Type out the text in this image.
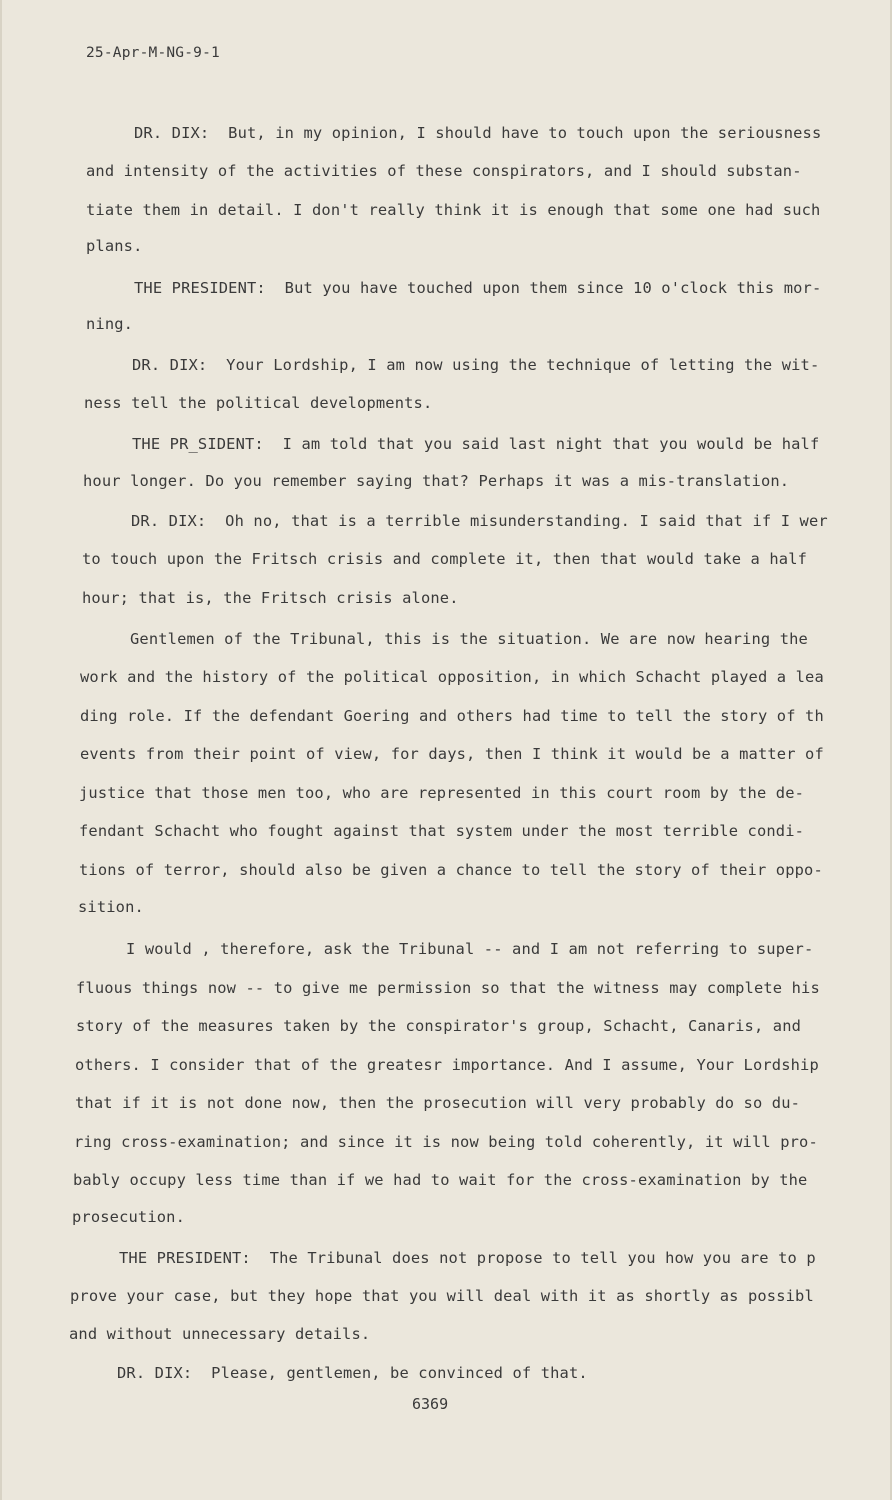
25-Apr-M-NG-9-1
DR. DIX:  But, in my opinion, I should have to touch upon the seriousness
and intensity of the activities of these conspirators, and I should substan-
tiate them in detail. I don't really think it is enough that some one had such
plans.
THE PRESIDENT:  But you have touched upon them since 10 o'clock this mor-
ning.
DR. DIX:  Your Lordship, I am now using the technique of letting the wit-
ness tell the political developments.
THE PR_SIDENT:  I am told that you said last night that you would be half
hour longer. Do you remember saying that? Perhaps it was a mis-translation.
DR. DIX:  Oh no, that is a terrible misunderstanding. I said that if I wer
to touch upon the Fritsch crisis and complete it, then that would take a half
hour; that is, the Fritsch crisis alone.
Gentlemen of the Tribunal, this is the situation. We are now hearing the
work and the history of the political opposition, in which Schacht played a lea
ding role. If the defendant Goering and others had time to tell the story of th
events from their point of view, for days, then I think it would be a matter of
justice that those men too, who are represented in this court room by the de-
fendant Schacht who fought against that system under the most terrible condi-
tions of terror, should also be given a chance to tell the story of their oppo-
sition.
I would , therefore, ask the Tribunal -- and I am not referring to super-
fluous things now -- to give me permission so that the witness may complete his
story of the measures taken by the conspirator's group, Schacht, Canaris, and
others. I consider that of the greatesr importance. And I assume, Your Lordship
that if it is not done now, then the prosecution will very probably do so du-
ring cross-examination; and since it is now being told coherently, it will pro-
bably occupy less time than if we had to wait for the cross-examination by the
prosecution.
THE PRESIDENT:  The Tribunal does not propose to tell you how you are to p
prove your case, but they hope that you will deal with it as shortly as possibl
and without unnecessary details.
DR. DIX:  Please, gentlemen, be convinced of that.
6369
